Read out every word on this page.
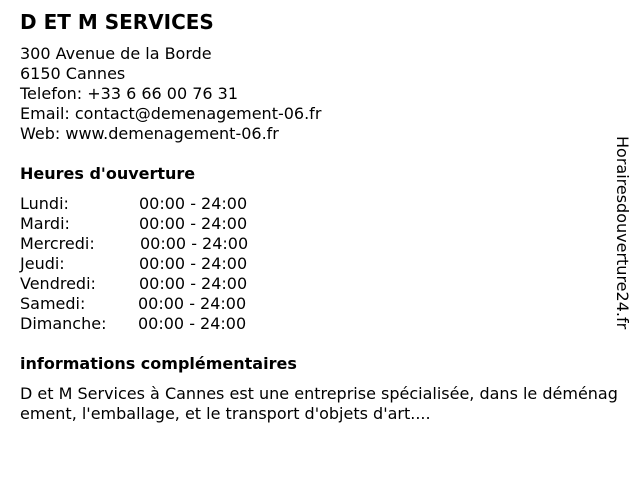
D ET M SERVICES
300 Avenue de la Borde
6150 Cannes
Telefon: +33 6 66 00 76 31
Email: contact@demenagement-06.fr
Web: www.demenagement-06.fr
Heures d'ouverture
Lundi:	00:00 - 24:00
Mardi:	00:00 - 24:00
Mercredi:	00:00 - 24:00
Jeudi:	00:00 - 24:00
Vendredi:	00:00 - 24:00
Samedi:	00:00 - 24:00
Dimanche: 00:00 - 24:00
informations complémentaires
D et M Services à Cannes est une entreprise spécialisée, dans le déménagement, l'emballage, et le transport d'objets d'art....
Horairesdouverture24.fr
